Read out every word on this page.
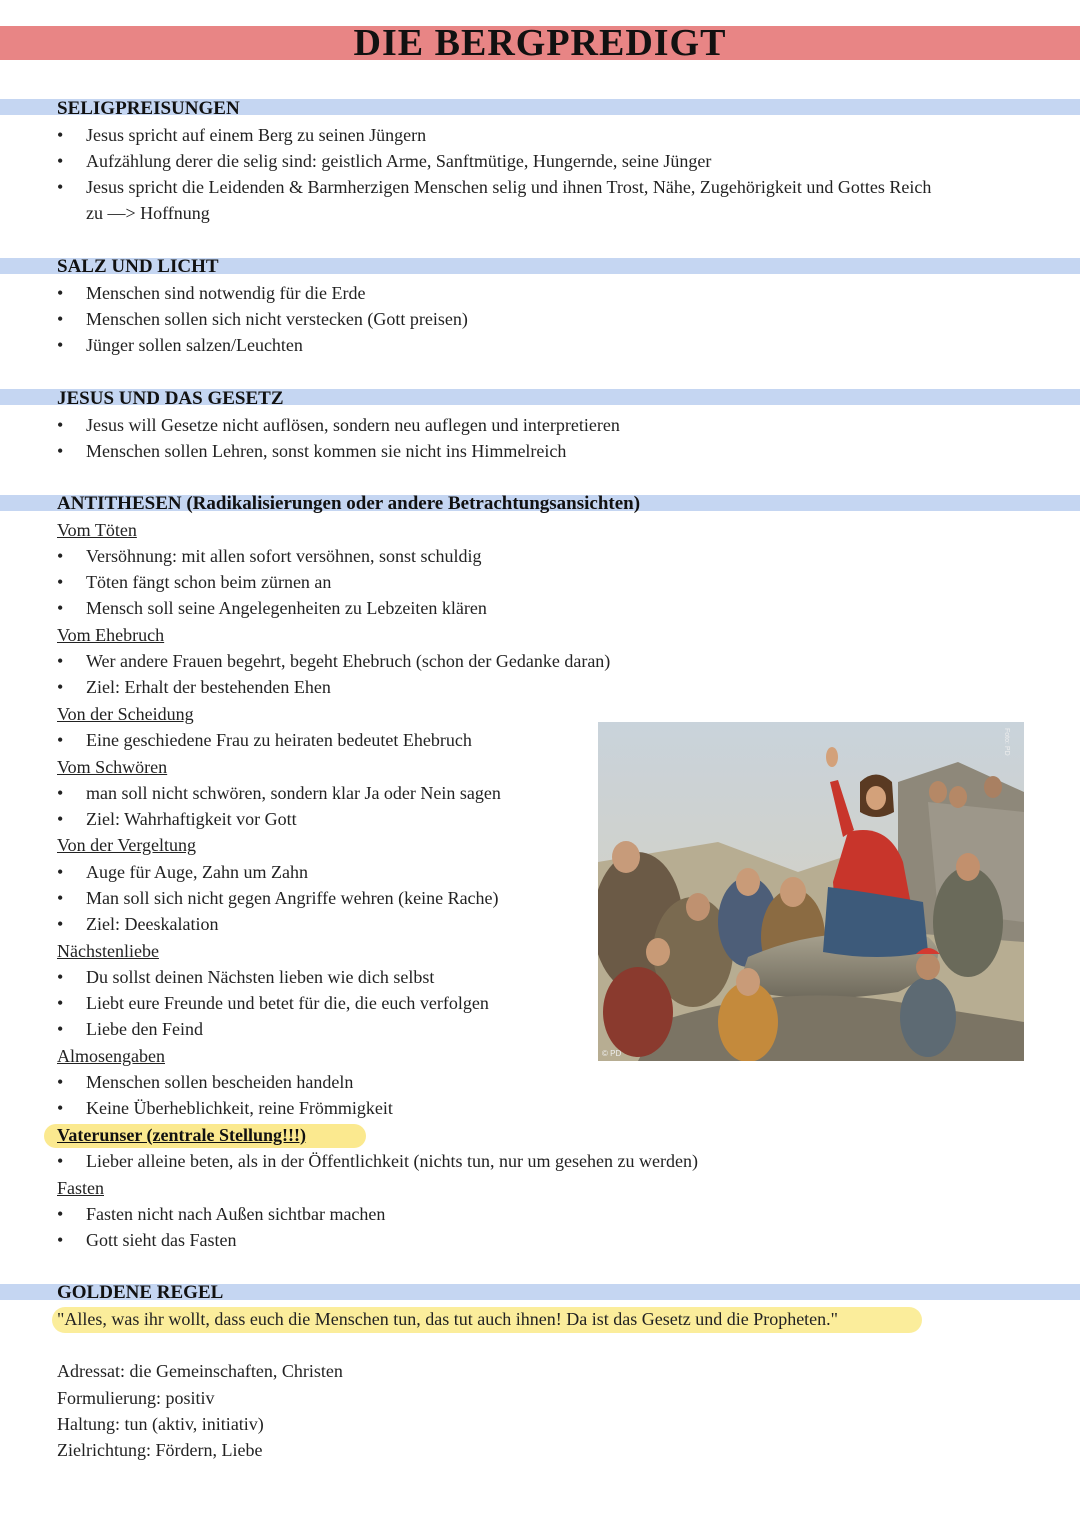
DIE BERGPREDIGT
SELIGPREISUNGEN
• Jesus spricht auf einem Berg zu seinen Jüngern
• Aufzählung derer die selig sind: geistlich Arme, Sanftmütige, Hungernde, seine Jünger
• Jesus spricht die Leidenden & Barmherzigen Menschen selig und ihnen Trost, Nähe, Zugehörigkeit und Gottes Reich
zu —> Hoffnung
SALZ UND LICHT
• Menschen sind notwendig für die Erde
• Menschen sollen sich nicht verstecken (Gott preisen)
• Jünger sollen salzen/Leuchten
JESUS UND DAS GESETZ
• Jesus will Gesetze nicht auflösen, sondern neu auflegen und interpretieren
• Menschen sollen Lehren, sonst kommen sie nicht ins Himmelreich
ANTITHESEN (Radikalisierungen oder andere Betrachtungsansichten)
Vom Töten
• Versöhnung: mit allen sofort versöhnen, sonst schuldig
• Töten fängt schon beim zürnen an
• Mensch soll seine Angelegenheiten zu Lebzeiten klären
Vom Ehebruch
• Wer andere Frauen begehrt, begeht Ehebruch (schon der Gedanke daran)
• Ziel: Erhalt der bestehenden Ehen
Von der Scheidung
• Eine geschiedene Frau zu heiraten bedeutet Ehebruch
Vom Schwören
• man soll nicht schwören, sondern klar Ja oder Nein sagen
• Ziel: Wahrhaftigkeit vor Gott
Von der Vergeltung
• Auge für Auge, Zahn um Zahn
• Man soll sich nicht gegen Angriffe wehren (keine Rache)
• Ziel: Deeskalation
Nächstenliebe
• Du sollst deinen Nächsten lieben wie dich selbst
• Liebt eure Freunde und betet für die, die euch verfolgen
• Liebe den Feind
Almosengaben
• Menschen sollen bescheiden handeln
• Keine Überheblichkeit, reine Frömmigkeit
Vaterunser (zentrale Stellung!!!)
• Lieber alleine beten, als in der Öffentlichkeit (nichts tun, nur um gesehen zu werden)
Fasten
• Fasten nicht nach Außen sichtbar machen
• Gott sieht das Fasten
GOLDENE REGEL
"Alles, was ihr wollt, dass euch die Menschen tun, das tut auch ihnen! Da ist das Gesetz und die Propheten."
Adressat: die Gemeinschaften, Christen
Formulierung: positiv
Haltung: tun (aktiv, initiativ)
Zielrichtung: Fördern, Liebe
Foto: PD
© PD
